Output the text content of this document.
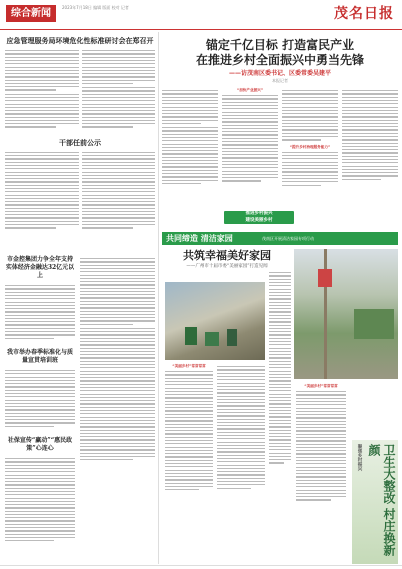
综合新闻
2023年7月18日 编辑 版面 校对 记者	茂名日报
应急管理服务局环境危化性标准研讨会在郑召开
干部任前公示
市金控集团力争全年支持实体经济金融达32亿元以上
我市举办春季标准化与质量宣贯培训班
社保宣传“赢动”“惠民政策”心连心
锚定千亿目标 打造富民产业
在推进乡村全面振兴中勇当先锋
——访茂南区委书记、区委常委吴建平
本报记者
“加快产业振兴”
“提升乡村治理服务能力”
推进乡村振兴
建设美丽乡村
共同缔造 清洁家园	茂南区开展清洁家园专项行动
共筑幸福美好家园
——广州市十届市委“美丽家园”打造见闻
“美丽乡村”常常常常
“美丽乡村”常常常常
聚焦乡村振兴	卫生大整改 村庄换新颜
